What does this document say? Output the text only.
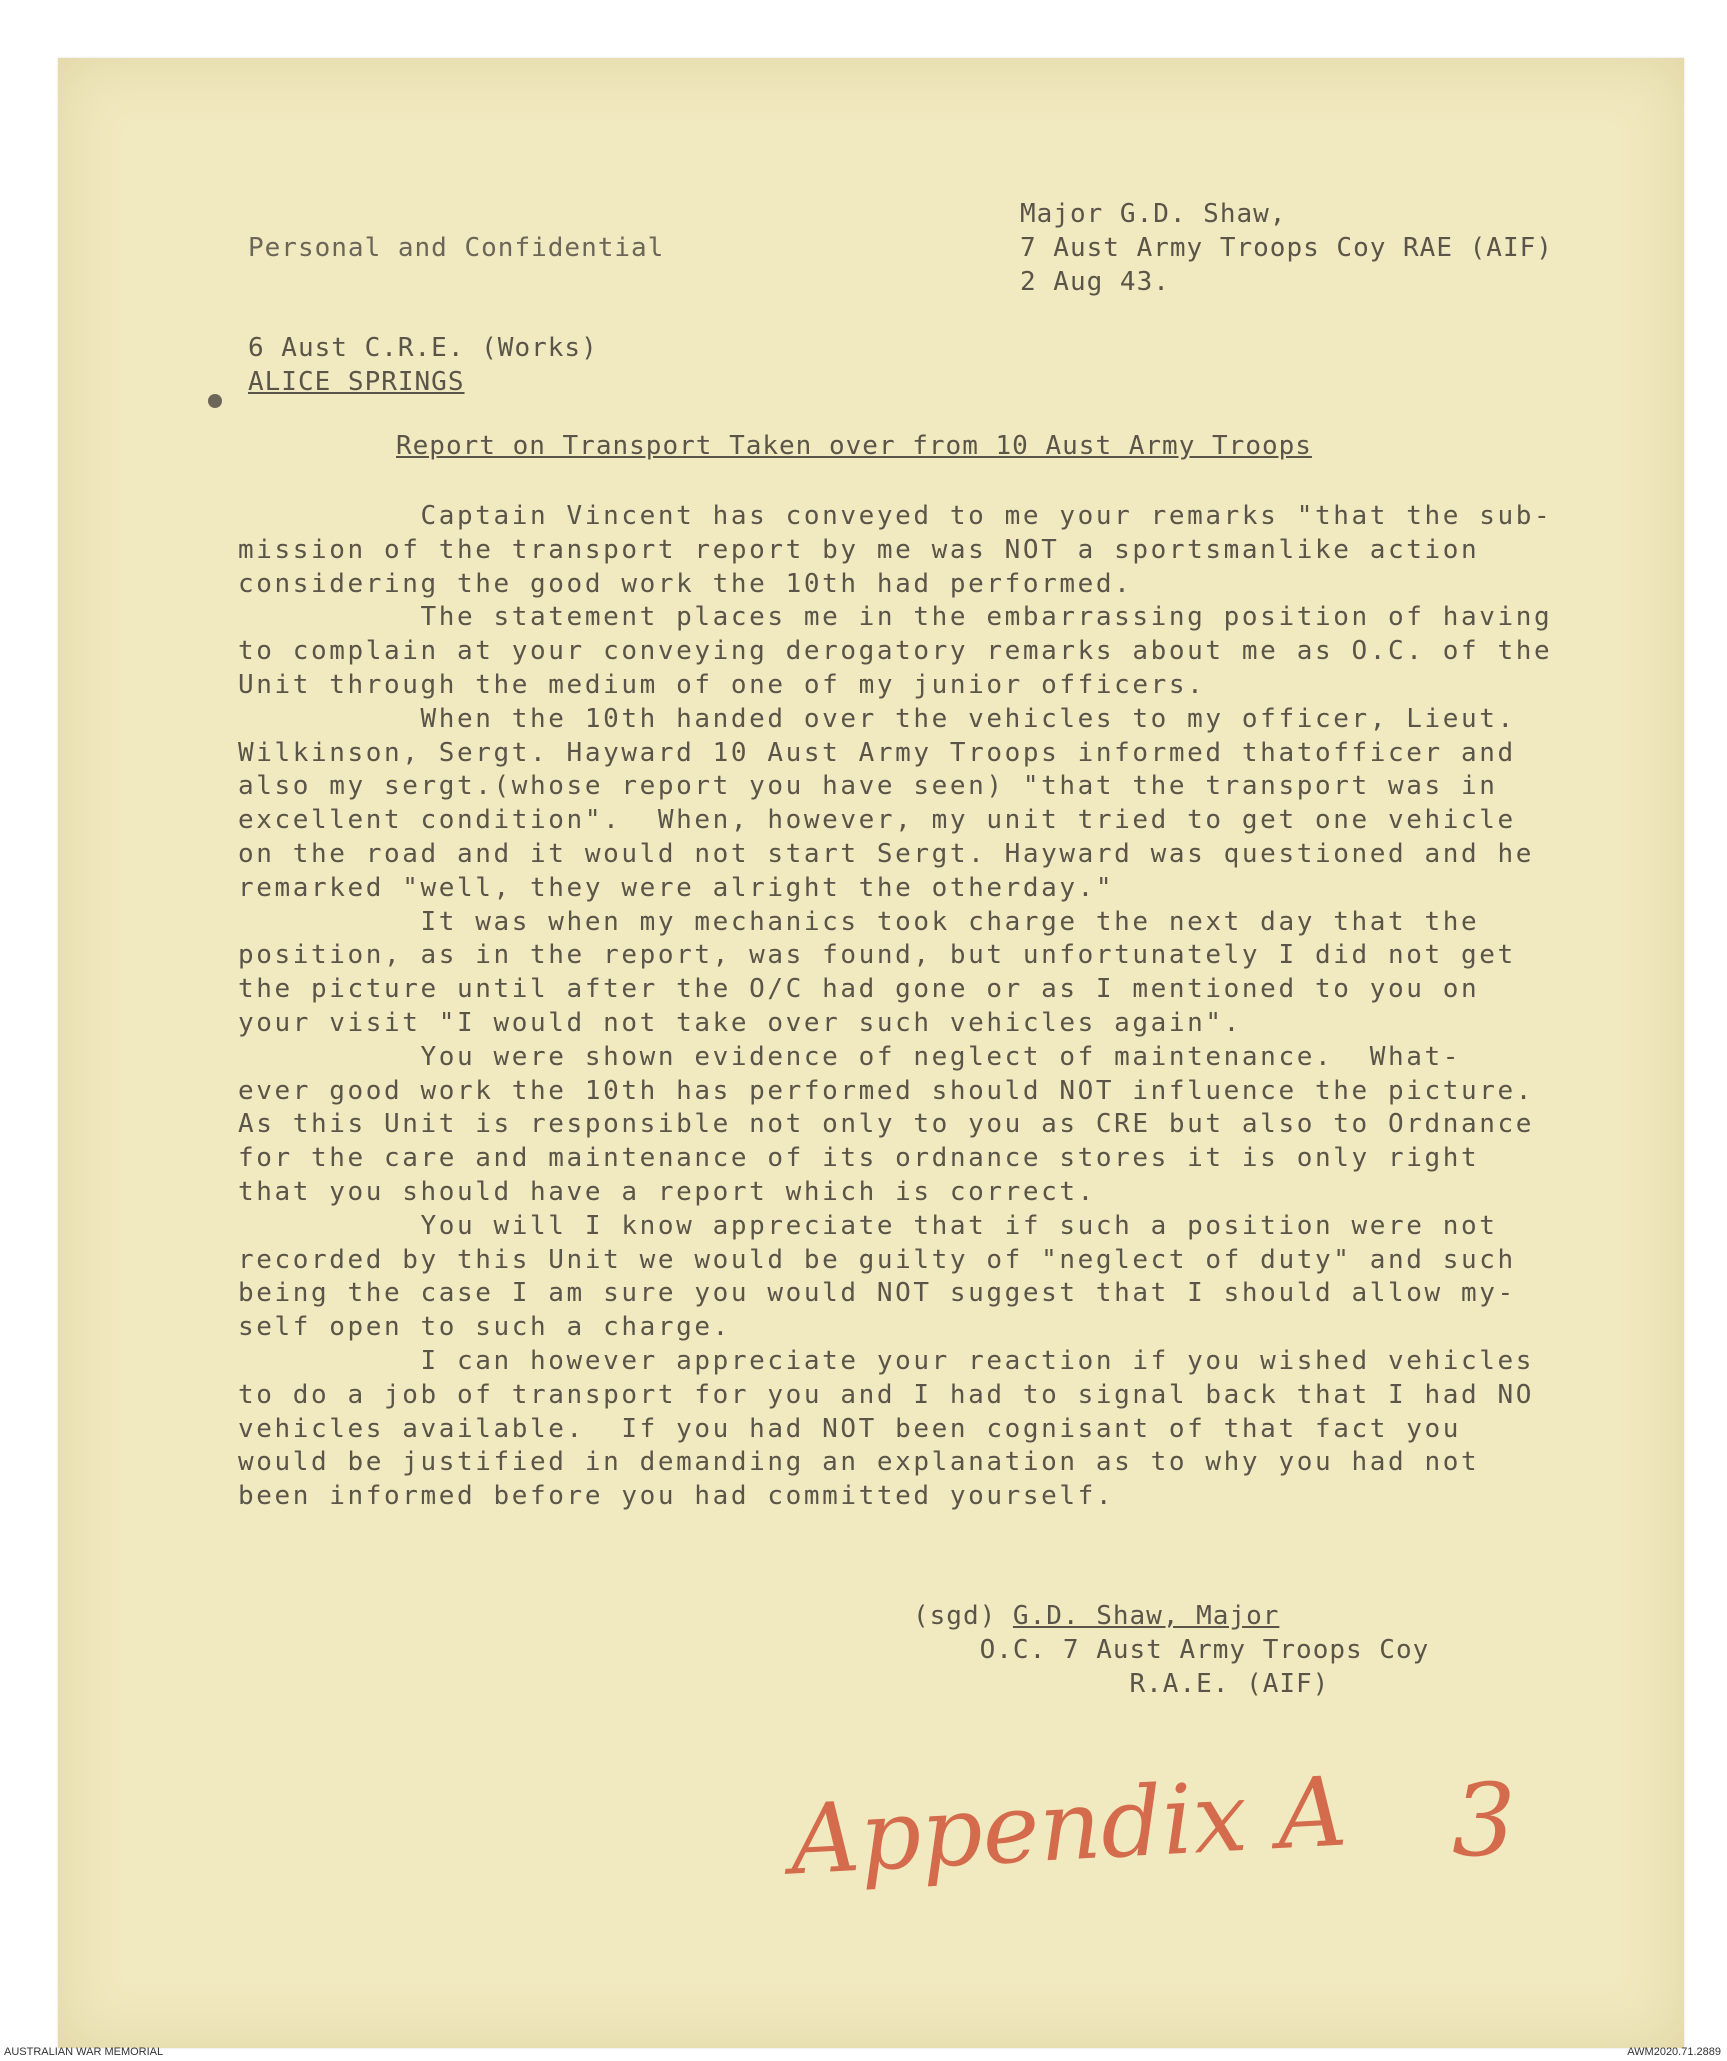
Personal and Confidential

Major G.D. Shaw,
7 Aust Army Troops Coy RAE (AIF)
2 Aug 43.
6 Aust C.R.E. (Works)
ALICE SPRINGS

Report on Transport Taken over from 10 Aust Army Troops

Captain Vincent has conveyed to me your remarks "that the sub-
mission of the transport report by me was NOT a sportsmanlike action
considering the good work the 10th had performed.
The statement places me in the embarrassing position of having
to complain at your conveying derogatory remarks about me as O.C. of the
Unit through the medium of one of my junior officers.
When the 10th handed over the vehicles to my officer, Lieut.
Wilkinson, Sergt. Hayward 10 Aust Army Troops informed thatofficer and
also my sergt.(whose report you have seen) "that the transport was in
excellent condition".  When, however, my unit tried to get one vehicle
on the road and it would not start Sergt. Hayward was questioned and he
remarked "well, they were alright the otherday."
It was when my mechanics took charge the next day that the
position, as in the report, was found, but unfortunately I did not get
the picture until after the O/C had gone or as I mentioned to you on
your visit "I would not take over such vehicles again".
You were shown evidence of neglect of maintenance.  What-
ever good work the 10th has performed should NOT influence the picture.
As this Unit is responsible not only to you as CRE but also to Ordnance
for the care and maintenance of its ordnance stores it is only right
that you should have a report which is correct.
You will I know appreciate that if such a position were not
recorded by this Unit we would be guilty of "neglect of duty" and such
being the case I am sure you would NOT suggest that I should allow my-
self open to such a charge.
I can however appreciate your reaction if you wished vehicles
to do a job of transport for you and I had to signal back that I had NO
vehicles available.  If you had NOT been cognisant of that fact you
would be justified in demanding an explanation as to why you had not
been informed before you had committed yourself.

(sgd) G.D. Shaw, Major
O.C. 7 Aust Army Troops Coy
R.A.E. (AIF)
Appendix A 3
AUSTRALIAN WAR MEMORIAL	AWM2020.71.2889
